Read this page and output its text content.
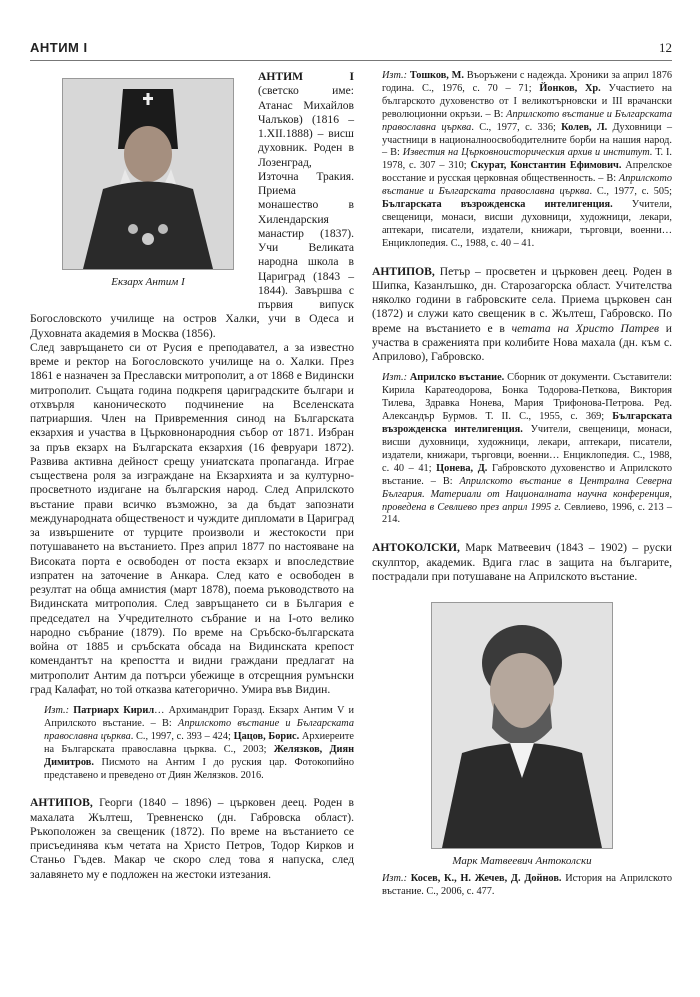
АНТИМ I	12
Екзарх Антим I

АНТИМ I (светско име: Атанас Михайлов Чалъков) (1816 – 1.XII.1888) – висш духовник. Роден в Лозенград, Източна Тракия. Приема монашество в Хилендарския манастир (1837). Учи Великата народна школа в Цариград (1843 – 1844). Завършва с първия випуск Богословското училище на остров Халки, учи в Одеса и Духовната академия в Москва (1856).

След завръщането си от Русия е преподавател, а за известно време и ректор на Богословското училище на о. Халки. През 1861 е назначен за Преславски митрополит, а от 1868 е Видински митрополит. Същата година подкрепя цариградските българи и отхвърля каноническото подчинение на Вселенската патриаршия. Член на Привременния синод на Българската екзархия и участва в Църковнонародния събор от 1871. Избран за пръв екзарх на Българската екзархия (16 февруари 1872). Развива активна дейност срещу униатската пропаганда. Играе съществена роля за изграждане на Екзархията и за културно-просветното издигане на българския народ. След Априлското въстание прави всичко възможно, за да бъдат запознати международната общественост и чуждите дипломати в Цариград за извършените от турците произволи и жестокости при потушаването на въстанието. През април 1877 по настояване на Високата порта е освободен от поста екзарх и впоследствие изпратен на заточение в Анкара. След като е освободен в резултат на обща амнистия (март 1878), поема ръководството на Видинската митрополия. След завръщането си в България е председател на Учредителното събрание и на I-ото велико народно събрание (1879). По време на Сръбско-българската война от 1885 и сръбската обсада на Видинската крепост комендантът на крепостта и видни граждани предлагат на митрополит Антим да потърси убежище в отсрещния румънски град Калафат, но той отказва категорично. Умира във Видин.

Изт.: Патриарх Кирил… Архимандрит Горазд. Екзарх Антим V и Априлското въстание. – В: Априлското въстание и Българската православна църква. С., 1997, с. 393 – 424; Цацов, Борис. Архиереите на Българската православна църква. С., 2003; Желязков, Диян Димитров. Писмото на Антим I до руския цар. Фотокопийно представено и преведено от Диян Желязков. 2016.

АНТИПОВ, Георги (1840 – 1896) – църковен деец. Роден в махалата Жълтеш, Тревненско (дн. Габровска област). Ръкоположен за свещеник (1872). По време на въстанието се присъединява към четата на Христо Петров, Тодор Кирков и Станьо Гъдев. Макар че скоро след това я напуска, след залавянето му е подложен на жестоки изтезания.

Изт.: Тошков, М. Въоръжени с надежда. Хроники за април 1876 година. С., 1976, с. 70 – 71; Йонков, Хр. Участието на българското духовенство от I великотърновски и III врачански революционни окръзи. – В: Априлското въстание и Българската православна църква. С., 1977, с. 336; Колев, Л. Духовници – участници в националноосвободителните борби на нашия народ. – В: Известия на Църковноисторическия архив и институт. Т. I. 1978, с. 307 – 310; Скурат, Константин Ефимович. Апрелское восстание и русская церковная общественность. – В: Априлското въстание и Българската православна църква. С., 1977, с. 505; Българската възрожденска интелигенция. Учители, свещеници, монаси, висши духовници, художници, лекари, аптекари, писатели, издатели, книжари, търговци, военни… Енциклопедия. С., 1988, с. 40 – 41.

АНТИПОВ, Петър – просветен и църковен деец. Роден в Шипка, Казанлъшко, дн. Старозагорска област. Учителства няколко години в габровските села. Приема църковен сан (1872) и служи като свещеник в с. Жълтеш, Габровско. По време на въстанието е в четата на Христо Патрев и участва в сраженията при колибите Нова махала (дн. към с. Априлово), Габровско.

Изт.: Априлско въстание. Сборник от документи. Съставители: Кирила Каратеодорова, Бонка Тодорова-Петкова, Виктория Тилева, Здравка Нонева, Мария Трифонова-Петрова. Ред. Александър Бурмов. Т. II. С., 1955, с. 369; Българската възрожденска интелигенция. Учители, свещеници, монаси, висши духовници, художници, лекари, аптекари, писатели, издатели, книжари, търговци, военни… Енциклопедия. С., 1988, с. 40 – 41; Цонева, Д. Габровското духовенство и Априлското въстание. – В: Априлското въстание в Централна Северна България. Материали от Националната научна конференция, проведена в Севлиево през април 1995 г. Севлиево, 1996, с. 213 – 214.

АНТОКОЛСКИ, Марк Матвеевич (1843 – 1902) – руски скулптор, академик. Вдига глас в защита на българите, пострадали при потушаване на Априлското въстание.

Марк Матвеевич Антоколски

Изт.: Косев, К., Н. Жечев, Д. Дойнов. История на Априлското въстание. С., 2006, с. 477.
